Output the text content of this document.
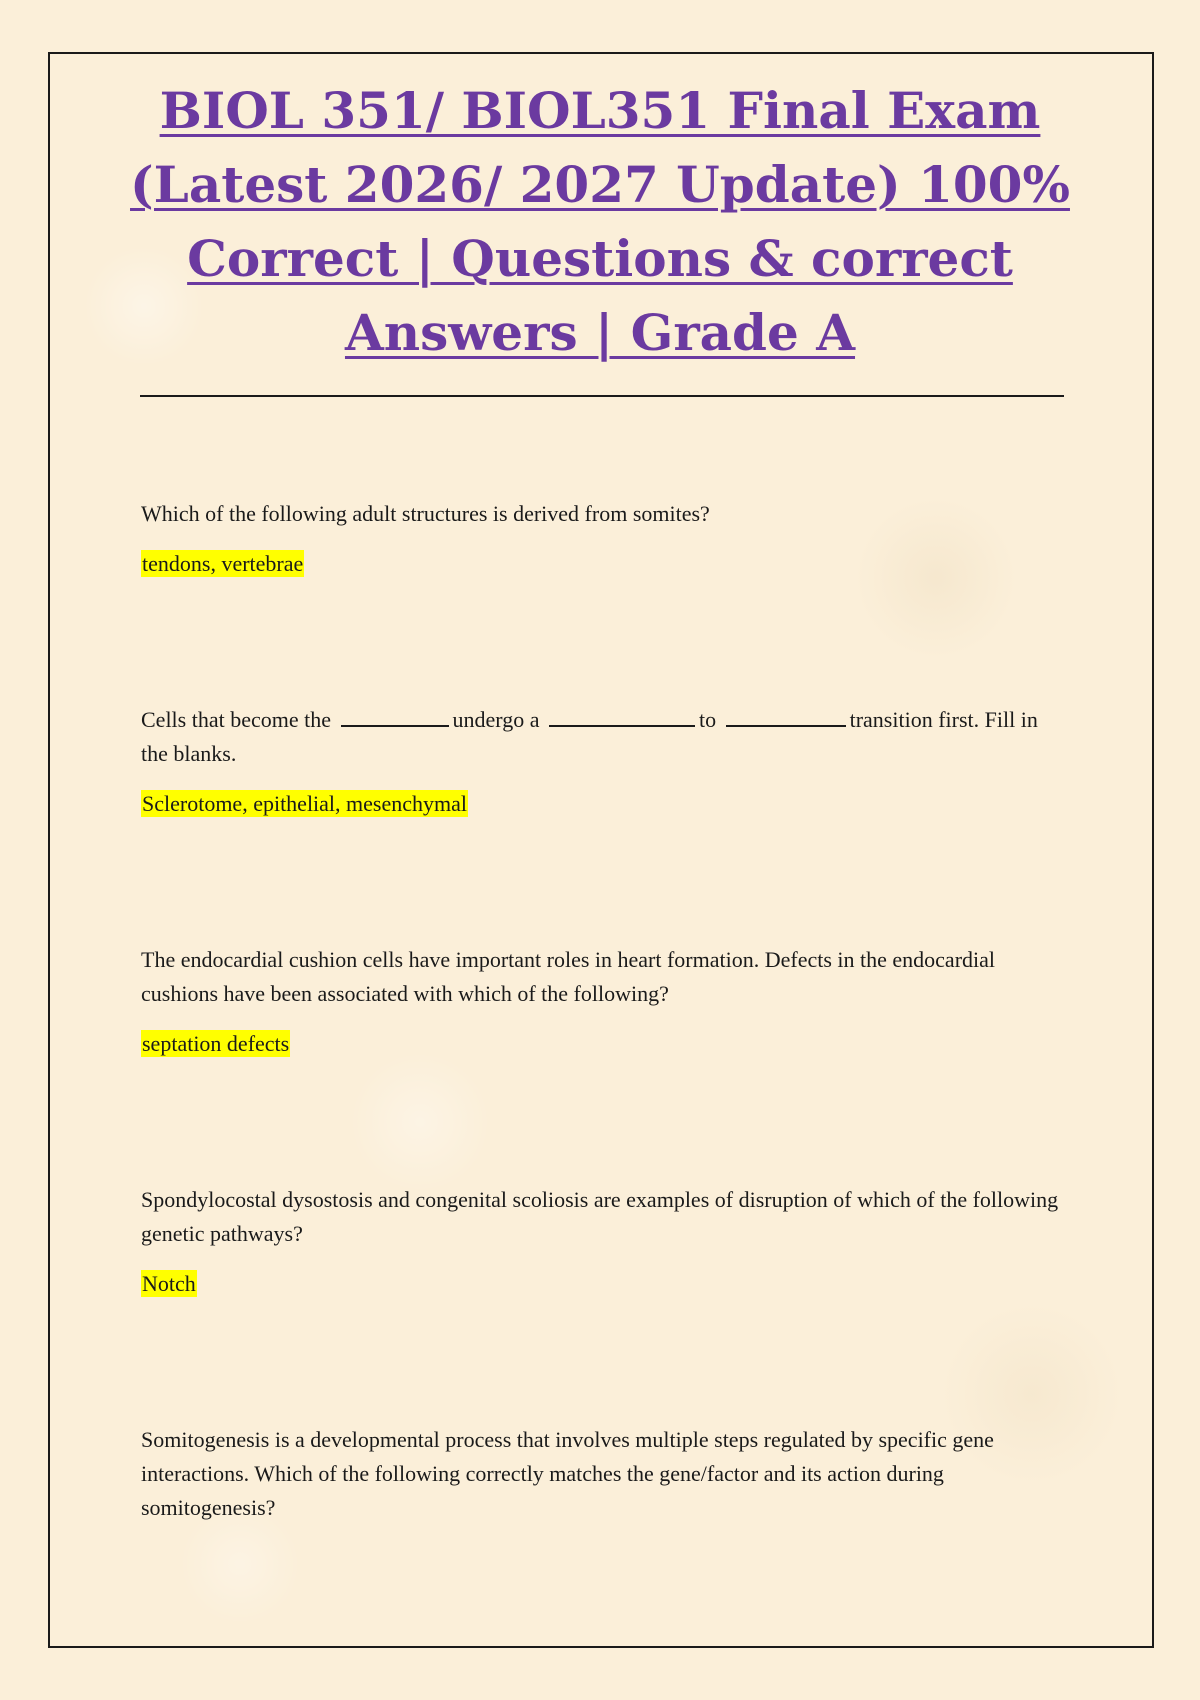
BIOL 351/ BIOL351 Final Exam
(Latest 2026/ 2027 Update) 100%
Correct | Questions & correct
Answers | Grade A

Which of the following adult structures is derived from somites?

tendons, vertebrae

Cells that become the	undergo a	to	transition first. Fill in the blanks.

Sclerotome, epithelial, mesenchymal

The endocardial cushion cells have important roles in heart formation. Defects in the endocardial cushions have been associated with which of the following?

septation defects

Spondylocostal dysostosis and congenital scoliosis are examples of disruption of which of the following genetic pathways?

Notch

Somitogenesis is a developmental process that involves multiple steps regulated by specific gene interactions. Which of the following correctly matches the gene/factor and its action during somitogenesis?
